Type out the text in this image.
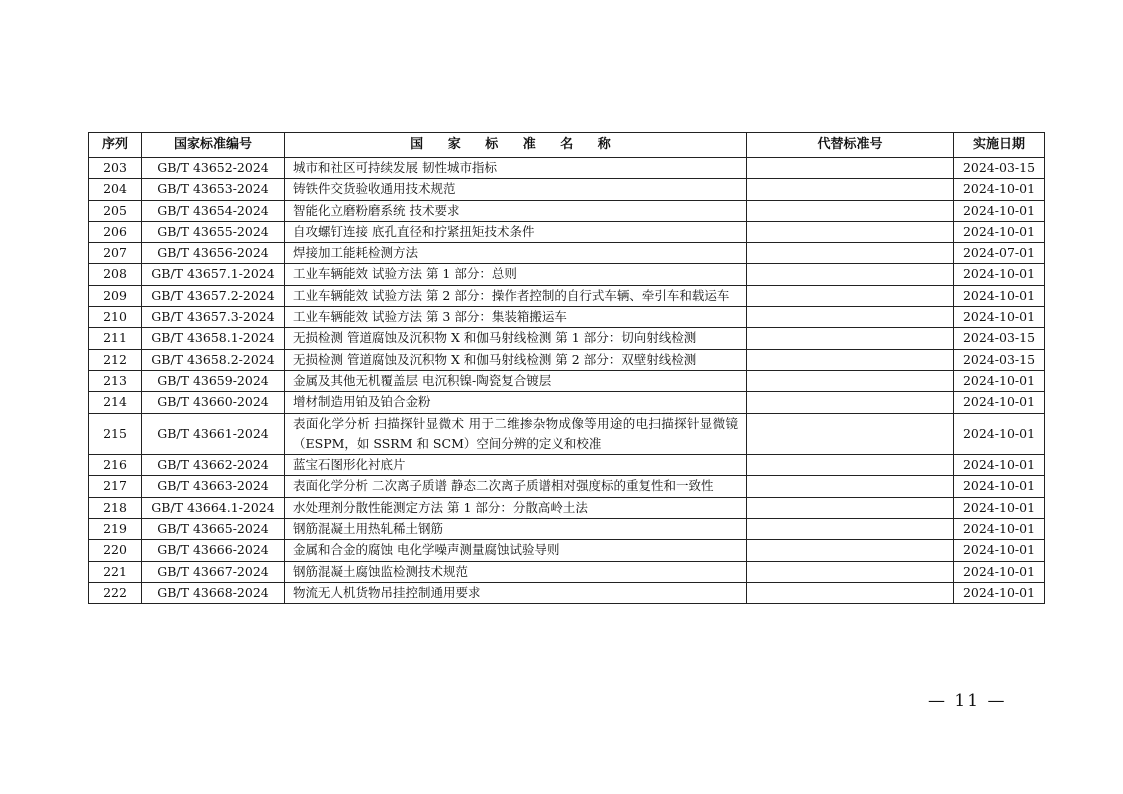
序列	国家标准编号	国 家 标 准 名 称	代替标准号	实施日期
203	GB/T 43652-2024	城市和社区可持续发展 韧性城市指标		2024-03-15
204	GB/T 43653-2024	铸铁件交货验收通用技术规范		2024-10-01
205	GB/T 43654-2024	智能化立磨粉磨系统 技术要求		2024-10-01
206	GB/T 43655-2024	自攻螺钉连接 底孔直径和拧紧扭矩技术条件		2024-10-01
207	GB/T 43656-2024	焊接加工能耗检测方法		2024-07-01
208	GB/T 43657.1-2024	工业车辆能效 试验方法 第 1 部分：总则		2024-10-01
209	GB/T 43657.2-2024	工业车辆能效 试验方法 第 2 部分：操作者控制的自行式车辆、牵引车和载运车		2024-10-01
210	GB/T 43657.3-2024	工业车辆能效 试验方法 第 3 部分：集装箱搬运车		2024-10-01
211	GB/T 43658.1-2024	无损检测 管道腐蚀及沉积物 X 和伽马射线检测 第 1 部分：切向射线检测		2024-03-15
212	GB/T 43658.2-2024	无损检测 管道腐蚀及沉积物 X 和伽马射线检测 第 2 部分：双壁射线检测		2024-03-15
213	GB/T 43659-2024	金属及其他无机覆盖层 电沉积镍-陶瓷复合镀层		2024-10-01
214	GB/T 43660-2024	增材制造用铂及铂合金粉		2024-10-01
215	GB/T 43661-2024	表面化学分析 扫描探针显微术 用于二维掺杂物成像等用途的电扫描探针显微镜（ESPM，如 SSRM 和 SCM）空间分辨的定义和校准		2024-10-01
216	GB/T 43662-2024	蓝宝石图形化衬底片		2024-10-01
217	GB/T 43663-2024	表面化学分析 二次离子质谱 静态二次离子质谱相对强度标的重复性和一致性		2024-10-01
218	GB/T 43664.1-2024	水处理剂分散性能测定方法 第 1 部分：分散高岭土法		2024-10-01
219	GB/T 43665-2024	钢筋混凝土用热轧稀土钢筋		2024-10-01
220	GB/T 43666-2024	金属和合金的腐蚀 电化学噪声测量腐蚀试验导则		2024-10-01
221	GB/T 43667-2024	钢筋混凝土腐蚀监检测技术规范		2024-10-01
222	GB/T 43668-2024	物流无人机货物吊挂控制通用要求		2024-10-01
— 11 —
